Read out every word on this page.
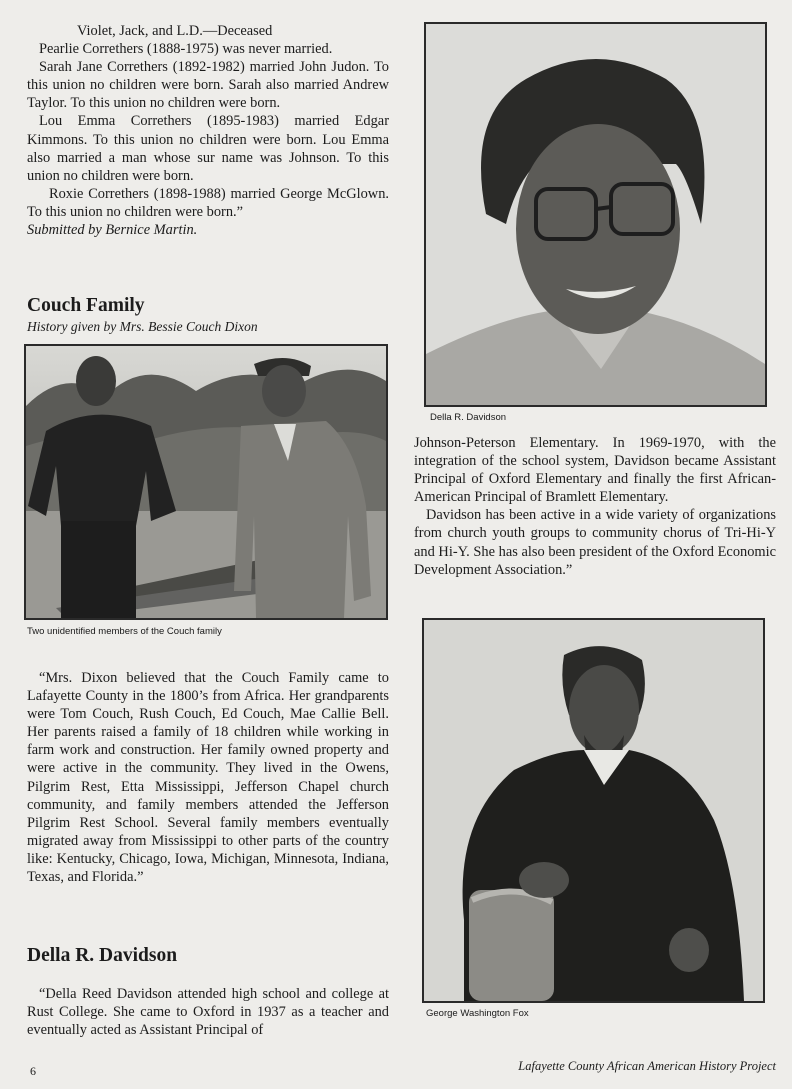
Violet, Jack, and L.D.—Deceased

Pearlie Correthers (1888-1975) was never married.

Sarah Jane Correthers (1892-1982) married John Judon. To this union no children were born. Sarah also married Andrew Taylor. To this union no children were born.

Lou Emma Correthers (1895-1983) married Edgar Kimmons. To this union no children were born. Lou Emma also married a man whose sur name was Johnson. To this union no children were born.

Roxie Correthers (1898-1988) married George McGlown. To this union no children were born.”

Submitted by Bernice Martin.

Couch Family

History given by Mrs. Bessie Couch Dixon

Two unidentified members of the Couch family

“Mrs. Dixon believed that the Couch Family came to Lafayette County in the 1800’s from Africa. Her grandparents were Tom Couch, Rush Couch, Ed Couch, Mae Callie Bell. Her parents raised a family of 18 children while working in farm work and construction. Her family owned property and were active in the community. They lived in the Owens, Pilgrim Rest, Etta Mississippi, Jefferson Chapel church community, and family members attended the Jefferson Pilgrim Rest School. Several family members eventually migrated away from Mississippi to other parts of the country like: Kentucky, Chicago, Iowa, Michigan, Minnesota, Indiana, Texas, and Florida.”

Della R. Davidson

“Della Reed Davidson attended high school and college at Rust College. She came to Oxford in 1937 as a teacher and eventually acted as Assistant Principal of

Della R. Davidson

Johnson-Peterson Elementary. In 1969-1970, with the integration of the school system, Davidson became Assistant Principal of Oxford Elementary and finally the first African-American Principal of Bramlett Elementary.

Davidson has been active in a wide variety of organizations from church youth groups to community chorus of Tri-Hi-Y and Hi-Y. She has also been president of the Oxford Economic Development Association.”

George Washington Fox
6	Lafayette County African American History Project
